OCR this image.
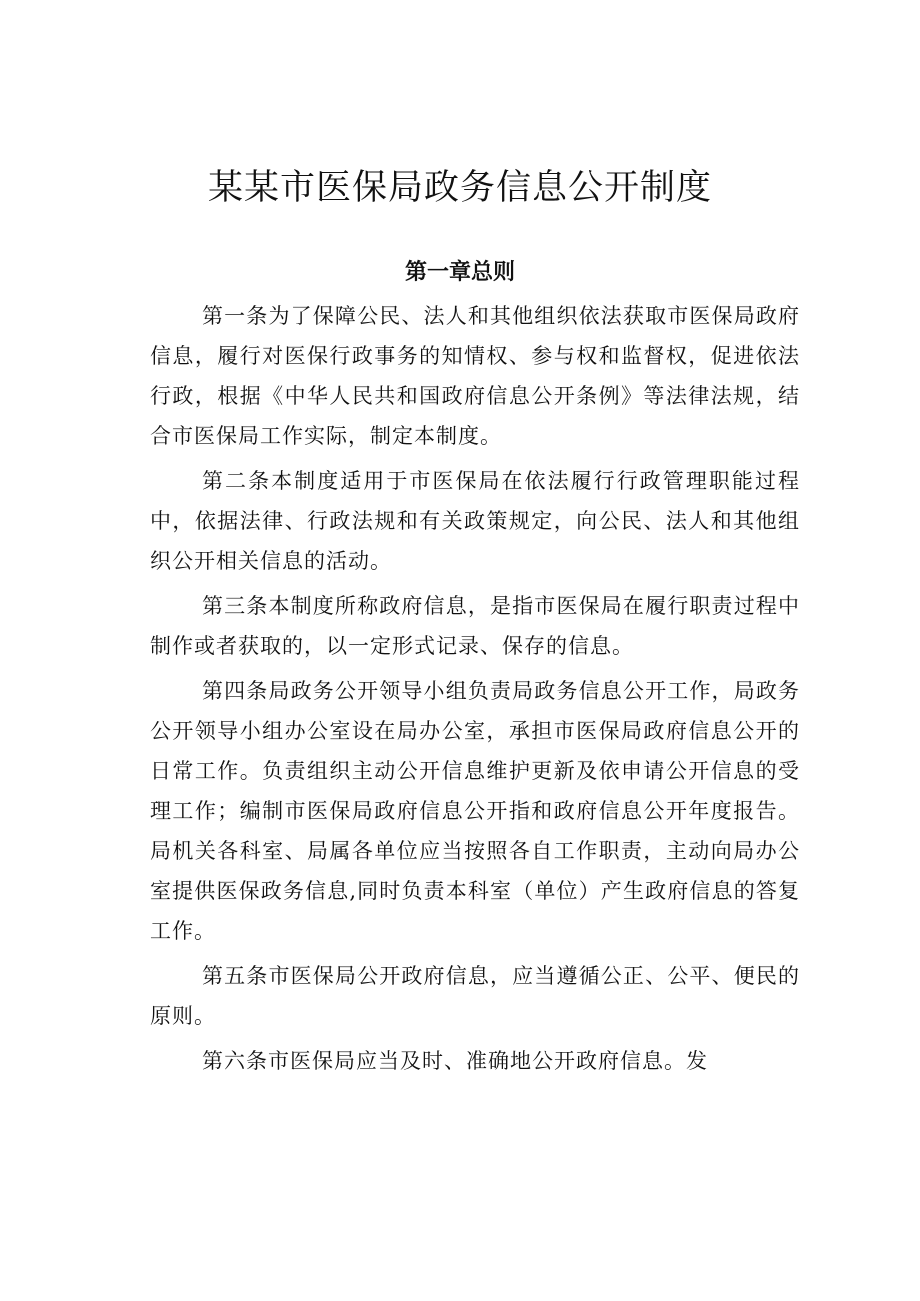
某某市医保局政务信息公开制度
第一章总则

第一条为了保障公民、法人和其他组织依法获取市医保局政府信息，履行对医保行政事务的知情权、参与权和监督权，促进依法行政，根据《中华人民共和国政府信息公开条例》等法律法规，结合市医保局工作实际，制定本制度。

第二条本制度适用于市医保局在依法履行行政管理职能过程中，依据法律、行政法规和有关政策规定，向公民、法人和其他组织公开相关信息的活动。

第三条本制度所称政府信息，是指市医保局在履行职责过程中制作或者获取的，以一定形式记录、保存的信息。

第四条局政务公开领导小组负责局政务信息公开工作，局政务公开领导小组办公室设在局办公室，承担市医保局政府信息公开的日常工作。负责组织主动公开信息维护更新及依申请公开信息的受理工作；编制市医保局政府信息公开指和政府信息公开年度报告。局机关各科室、局属各单位应当按照各自工作职责，主动向局办公室提供医保政务信息,同时负责本科室（单位）产生政府信息的答复工作。

第五条市医保局公开政府信息，应当遵循公正、公平、便民的原则。

第六条市医保局应当及时、准确地公开政府信息。发
